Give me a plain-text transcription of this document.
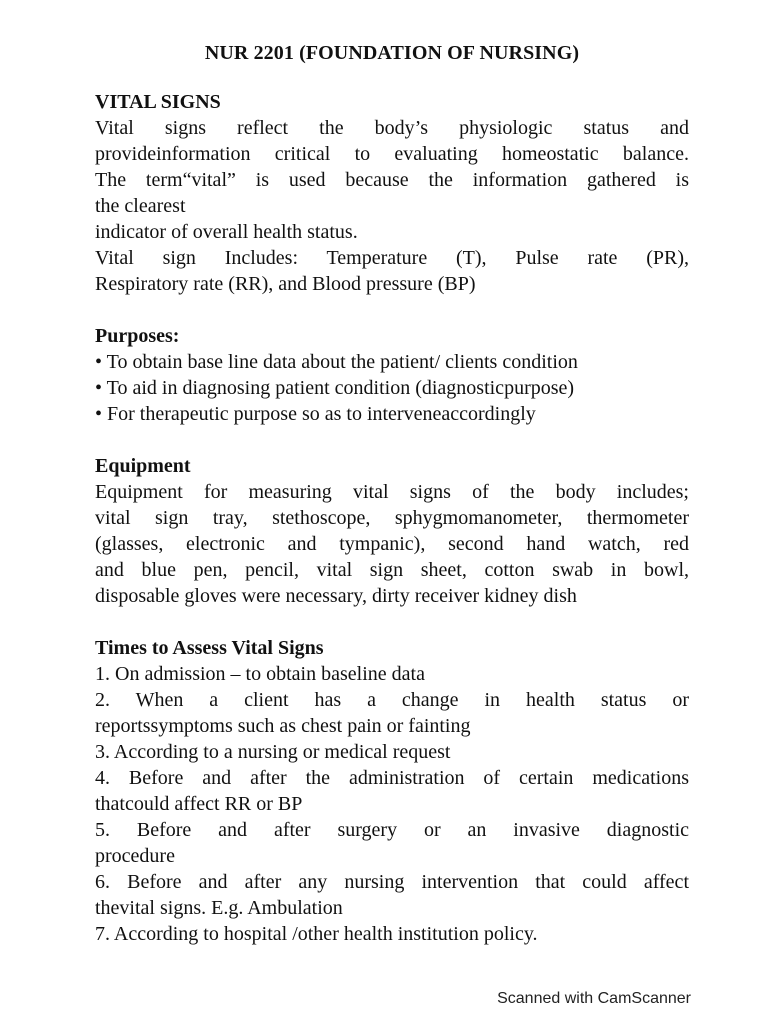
NUR 2201 (FOUNDATION OF NURSING)
VITAL SIGNS
Vital signs reflect the body’s physiologic status and
provideinformation critical to evaluating homeostatic balance.
The term“vital” is used because the information gathered is
the clearest
indicator of overall health status.
Vital sign Includes: Temperature (T), Pulse rate (PR),
Respiratory rate (RR), and Blood pressure (BP)
Purposes:
• To obtain base line data about the patient/ clients condition
• To aid in diagnosing patient condition (diagnosticpurpose)
• For therapeutic purpose so as to interveneaccordingly
Equipment
Equipment for measuring vital signs of the body includes;
vital sign tray, stethoscope, sphygmomanometer, thermometer
(glasses, electronic and tympanic), second hand watch, red
and blue pen, pencil, vital sign sheet, cotton swab in bowl,
disposable gloves were necessary, dirty receiver kidney dish
Times to Assess Vital Signs
1. On admission – to obtain baseline data
2. When a client has a change in health status or
reportssymptoms such as chest pain or fainting
3. According to a nursing or medical request
4. Before and after the administration of certain medications
thatcould affect RR or BP
5. Before and after surgery or an invasive diagnostic
procedure
6. Before and after any nursing intervention that could affect
thevital signs. E.g. Ambulation
7. According to hospital /other health institution policy.
Scanned with CamScanner
